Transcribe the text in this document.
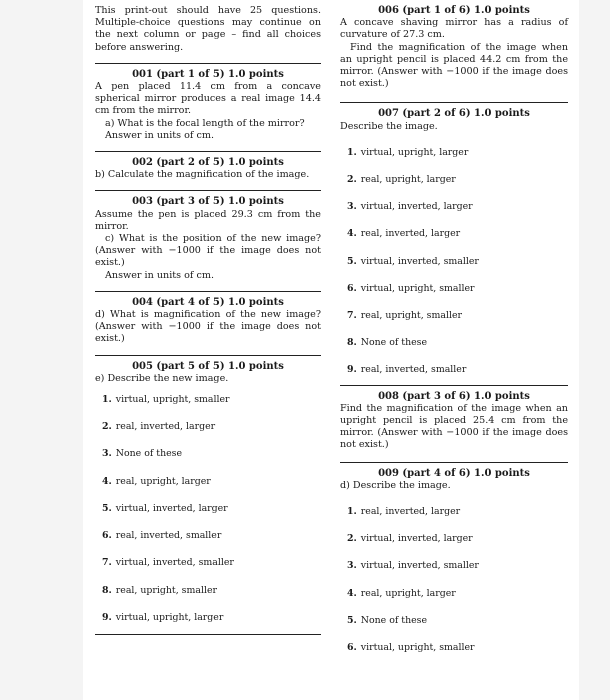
This print-out should have 25 questions. Multiple-choice questions may continue on the next column or page – find all choices before answering.
001 (part 1 of 5) 1.0 points
A pen placed 11.4 cm from a concave spherical mirror produces a real image 14.4 cm from the mirror.
a) What is the focal length of the mirror?
Answer in units of cm.
002 (part 2 of 5) 1.0 points
b) Calculate the magnification of the image.
003 (part 3 of 5) 1.0 points
Assume the pen is placed 29.3 cm from the mirror.
c) What is the position of the new image? (Answer with −1000 if the image does not exist.)
Answer in units of cm.
004 (part 4 of 5) 1.0 points
d) What is magnification of the new image? (Answer with −1000 if the image does not exist.)
005 (part 5 of 5) 1.0 points
e) Describe the new image.
1. virtual, upright, smaller
2. real, inverted, larger
3. None of these
4. real, upright, larger
5. virtual, inverted, larger
6. real, inverted, smaller
7. virtual, inverted, smaller
8. real, upright, smaller
9. virtual, upright, larger
006 (part 1 of 6) 1.0 points
A concave shaving mirror has a radius of curvature of 27.3 cm.
Find the magnification of the image when an upright pencil is placed 44.2 cm from the mirror. (Answer with −1000 if the image does not exist.)
007 (part 2 of 6) 1.0 points
Describe the image.
1. virtual, upright, larger
2. real, upright, larger
3. virtual, inverted, larger
4. real, inverted, larger
5. virtual, inverted, smaller
6. virtual, upright, smaller
7. real, upright, smaller
8. None of these
9. real, inverted, smaller
008 (part 3 of 6) 1.0 points
Find the magnification of the image when an upright pencil is placed 25.4 cm from the mirror. (Answer with −1000 if the image does not exist.)
009 (part 4 of 6) 1.0 points
d) Describe the image.
1. real, inverted, larger
2. virtual, inverted, larger
3. virtual, inverted, smaller
4. real, upright, larger
5. None of these
6. virtual, upright, smaller
